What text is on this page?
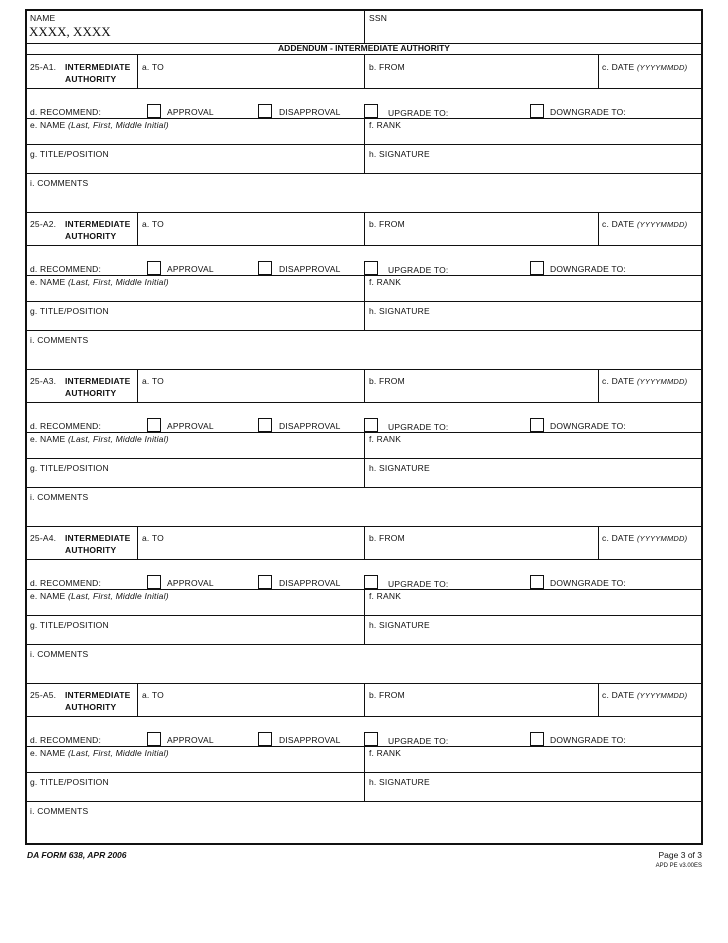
NAME
XXXX, XXXX
SSN
ADDENDUM - INTERMEDIATE AUTHORITY
25-A1. INTERMEDIATE
AUTHORITY
a. TO	b. FROM	c. DATE (YYYYMMDD)
d. RECOMMEND:	APPROVAL	DISAPPROVAL	UPGRADE TO:	DOWNGRADE TO:
e. NAME (Last, First, Middle Initial)	f. RANK
g. TITLE/POSITION	h. SIGNATURE
i. COMMENTS
25-A2. INTERMEDIATE
AUTHORITY
a. TO	b. FROM	c. DATE (YYYYMMDD)
d. RECOMMEND:	APPROVAL	DISAPPROVAL	UPGRADE TO:	DOWNGRADE TO:
e. NAME (Last, First, Middle Initial)	f. RANK
g. TITLE/POSITION	h. SIGNATURE
i. COMMENTS
25-A3. INTERMEDIATE
AUTHORITY
a. TO	b. FROM	c. DATE (YYYYMMDD)
d. RECOMMEND:	APPROVAL	DISAPPROVAL	UPGRADE TO:	DOWNGRADE TO:
e. NAME (Last, First, Middle Initial)	f. RANK
g. TITLE/POSITION	h. SIGNATURE
i. COMMENTS
25-A4. INTERMEDIATE
AUTHORITY
a. TO	b. FROM	c. DATE (YYYYMMDD)
d. RECOMMEND:	APPROVAL	DISAPPROVAL	UPGRADE TO:	DOWNGRADE TO:
e. NAME (Last, First, Middle Initial)	f. RANK
g. TITLE/POSITION	h. SIGNATURE
i. COMMENTS
25-A5. INTERMEDIATE
AUTHORITY
a. TO	b. FROM	c. DATE (YYYYMMDD)
d. RECOMMEND:	APPROVAL	DISAPPROVAL	UPGRADE TO:	DOWNGRADE TO:
e. NAME (Last, First, Middle Initial)	f. RANK
g. TITLE/POSITION	h. SIGNATURE
i. COMMENTS
DA FORM 638, APR 2006	Page 3 of 3
APD PE v3.00ES
